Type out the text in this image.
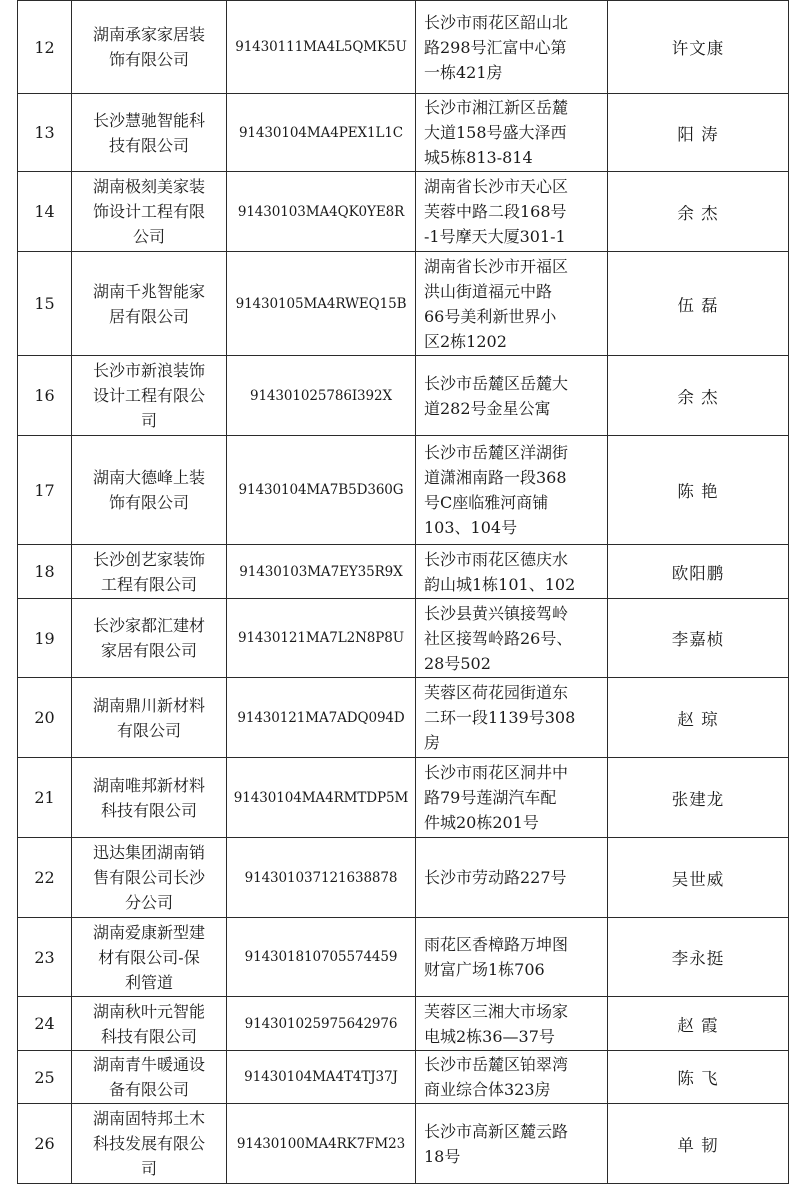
12	湖南承家家居装
饰有限公司	91430111MA4L5QMK5U	长沙市雨花区韶山北
路298号汇富中心第
一栋421房	许文康
13	长沙慧驰智能科
技有限公司	91430104MA4PEX1L1C	长沙市湘江新区岳麓
大道158号盛大泽西
城5栋813-814	阳 涛
14	湖南极刻美家装
饰设计工程有限
公司	91430103MA4QK0YE8R	湖南省长沙市天心区
芙蓉中路二段168号
-1号摩天大厦301-1	余 杰
15	湖南千兆智能家
居有限公司	91430105MA4RWEQ15B	湖南省长沙市开福区
洪山街道福元中路
66号美利新世界小
区2栋1202	伍 磊
16	长沙市新浪装饰
设计工程有限公
司	914301025786I392X	长沙市岳麓区岳麓大
道282号金星公寓	余 杰
17	湖南大德峰上装
饰有限公司	91430104MA7B5D360G	长沙市岳麓区洋湖街
道潇湘南路一段368
号C座临雅河商铺
103、104号	陈 艳
18	长沙创艺家装饰
工程有限公司	91430103MA7EY35R9X	长沙市雨花区德庆水
韵山城1栋101、102	欧阳鹏
19	长沙家都汇建材
家居有限公司	91430121MA7L2N8P8U	长沙县黄兴镇接驾岭
社区接驾岭路26号、
28号502	李嘉桢
20	湖南鼎川新材料
有限公司	91430121MA7ADQ094D	芙蓉区荷花园街道东
二环一段1139号308
房	赵 琼
21	湖南唯邦新材料
科技有限公司	91430104MA4RMTDP5M	长沙市雨花区洞井中
路79号莲湖汽车配
件城20栋201号	张建龙
22	迅达集团湖南销
售有限公司长沙
分公司	914301037121638878	长沙市劳动路227号	吴世威
23	湖南爱康新型建
材有限公司-保
利管道	914301810705574459	雨花区香樟路万坤图
财富广场1栋706	李永挺
24	湖南秋叶元智能
科技有限公司	914301025975642976	芙蓉区三湘大市场家
电城2栋36—37号	赵 霞
25	湖南青牛暖通设
备有限公司	91430104MA4T4TJ37J	长沙市岳麓区铂翠湾
商业综合体323房	陈 飞
26	湖南固特邦土木
科技发展有限公
司	91430100MA4RK7FM23	长沙市高新区麓云路
18号	单 韧
